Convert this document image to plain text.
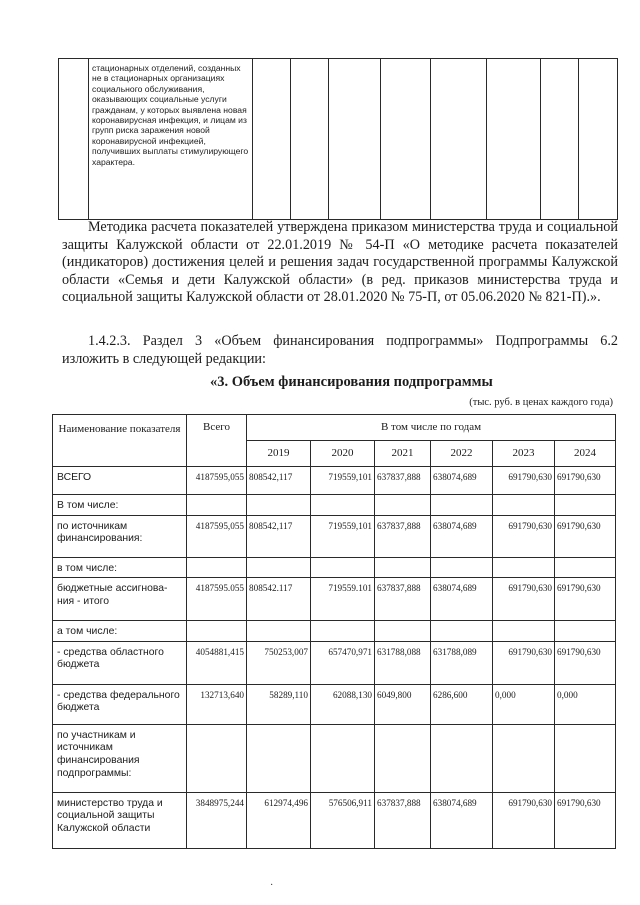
	стационарных отделений, созданных не в стационарных организациях социального обслуживания, оказывающих социальные услуги гражданам, у которых выявлена новая коронавирусная инфекция, и лицам из групп риска заражения новой коронавирусной инфекцией, получивших выплаты стимулирующего характера.								

Методика расчета показателей утверждена приказом министерства труда и социальной защиты Калужской области от 22.01.2019 № 54-П «О методике расчета показателей (индикаторов) достижения целей и решения задач государственной программы Калужской области «Семья и дети Калужской области» (в ред. приказов министерства труда и социальной защиты Калужской области от 28.01.2020 № 75-П, от 05.06.2020 № 821-П).».

1.4.2.3. Раздел 3 «Объем финансирования подпрограммы» Подпрограммы 6.2 изложить в следующей редакции:

«3. Объем финансирования подпрограммы

(тыс. руб. в ценах каждого года)

Наименование показателя	Всего	В том числе по годам					
		2019	2020	2021	2022	2023	2024
ВСЕГО	4187595,055	808542,117	719559,101	637837,888	638074,689	691790,630	691790,630
В том числе:							
по источникам финансирования:	4187595,055	808542,117	719559,101	637837,888	638074,689	691790,630	691790,630
в том числе:							
бюджетные ассигнова- ния - итого	4187595.055	808542.117	719559.101	637837,888	638074,689	691790,630	691790,630
а том числе:							
- средства областного бюджета	4054881,415	750253,007	657470,971	631788,088	631788,089	691790,630	691790,630
- средства федерального бюджета	132713,640	58289,110	62088,130	6049,800	6286,600	0,000	0,000
по участникам и источникам финансирования подпрограммы:							
министерство труда и социальной защиты Калужской области	3848975,244	612974,496	576506,911	637837,888	638074,689	691790,630	691790,630
·
